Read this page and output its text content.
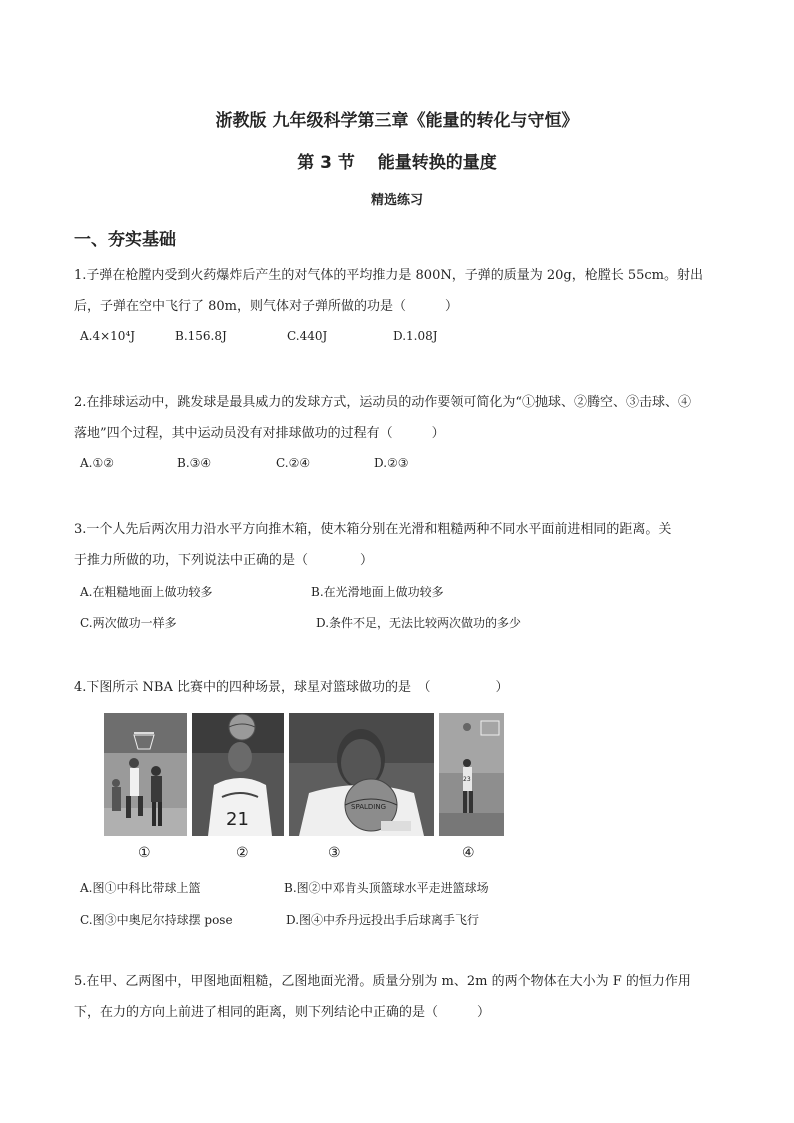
浙教版 九年级科学第三章《能量的转化与守恒》
第 3 节　 能量转换的量度
精选练习
一、夯实基础
1.子弹在枪膛内受到火药爆炸后产生的对气体的平均推力是 800N，子弹的质量为 20g，枪膛长 55cm。射出
后，子弹在空中飞行了 80m，则气体对子弹所做的功是（　　　）
A.4×10⁴J	B.156.8J	C.440J	D.1.08J
2.在排球运动中，跳发球是最具威力的发球方式，运动员的动作要领可简化为“①抛球、②腾空、③击球、④
落地”四个过程，其中运动员没有对排球做功的过程有（　　　）
A.①②	B.③④	C.②④	D.②③
3.一个人先后两次用力沿水平方向推木箱，使木箱分别在光滑和粗糙两种不同水平面前进相同的距离。关
于推力所做的功，下列说法中正确的是（　　　　）
A.在粗糙地面上做功较多	B.在光滑地面上做功较多
C.两次做功一样多	D.条件不足，无法比较两次做功的多少
4.下图所示 NBA 比赛中的四种场景，球星对篮球做功的是　（　　　　　）
21
SPALDING
23
①	②	③	④
A.图①中科比带球上篮	B.图②中邓肯头顶篮球水平走进篮球场
C.图③中奥尼尔持球摆 pose	D.图④中乔丹远投出手后球离手飞行
5.在甲、乙两图中，甲图地面粗糙，乙图地面光滑。质量分别为 m、2m 的两个物体在大小为 F 的恒力作用
下，在力的方向上前进了相同的距离，则下列结论中正确的是（　　　）
